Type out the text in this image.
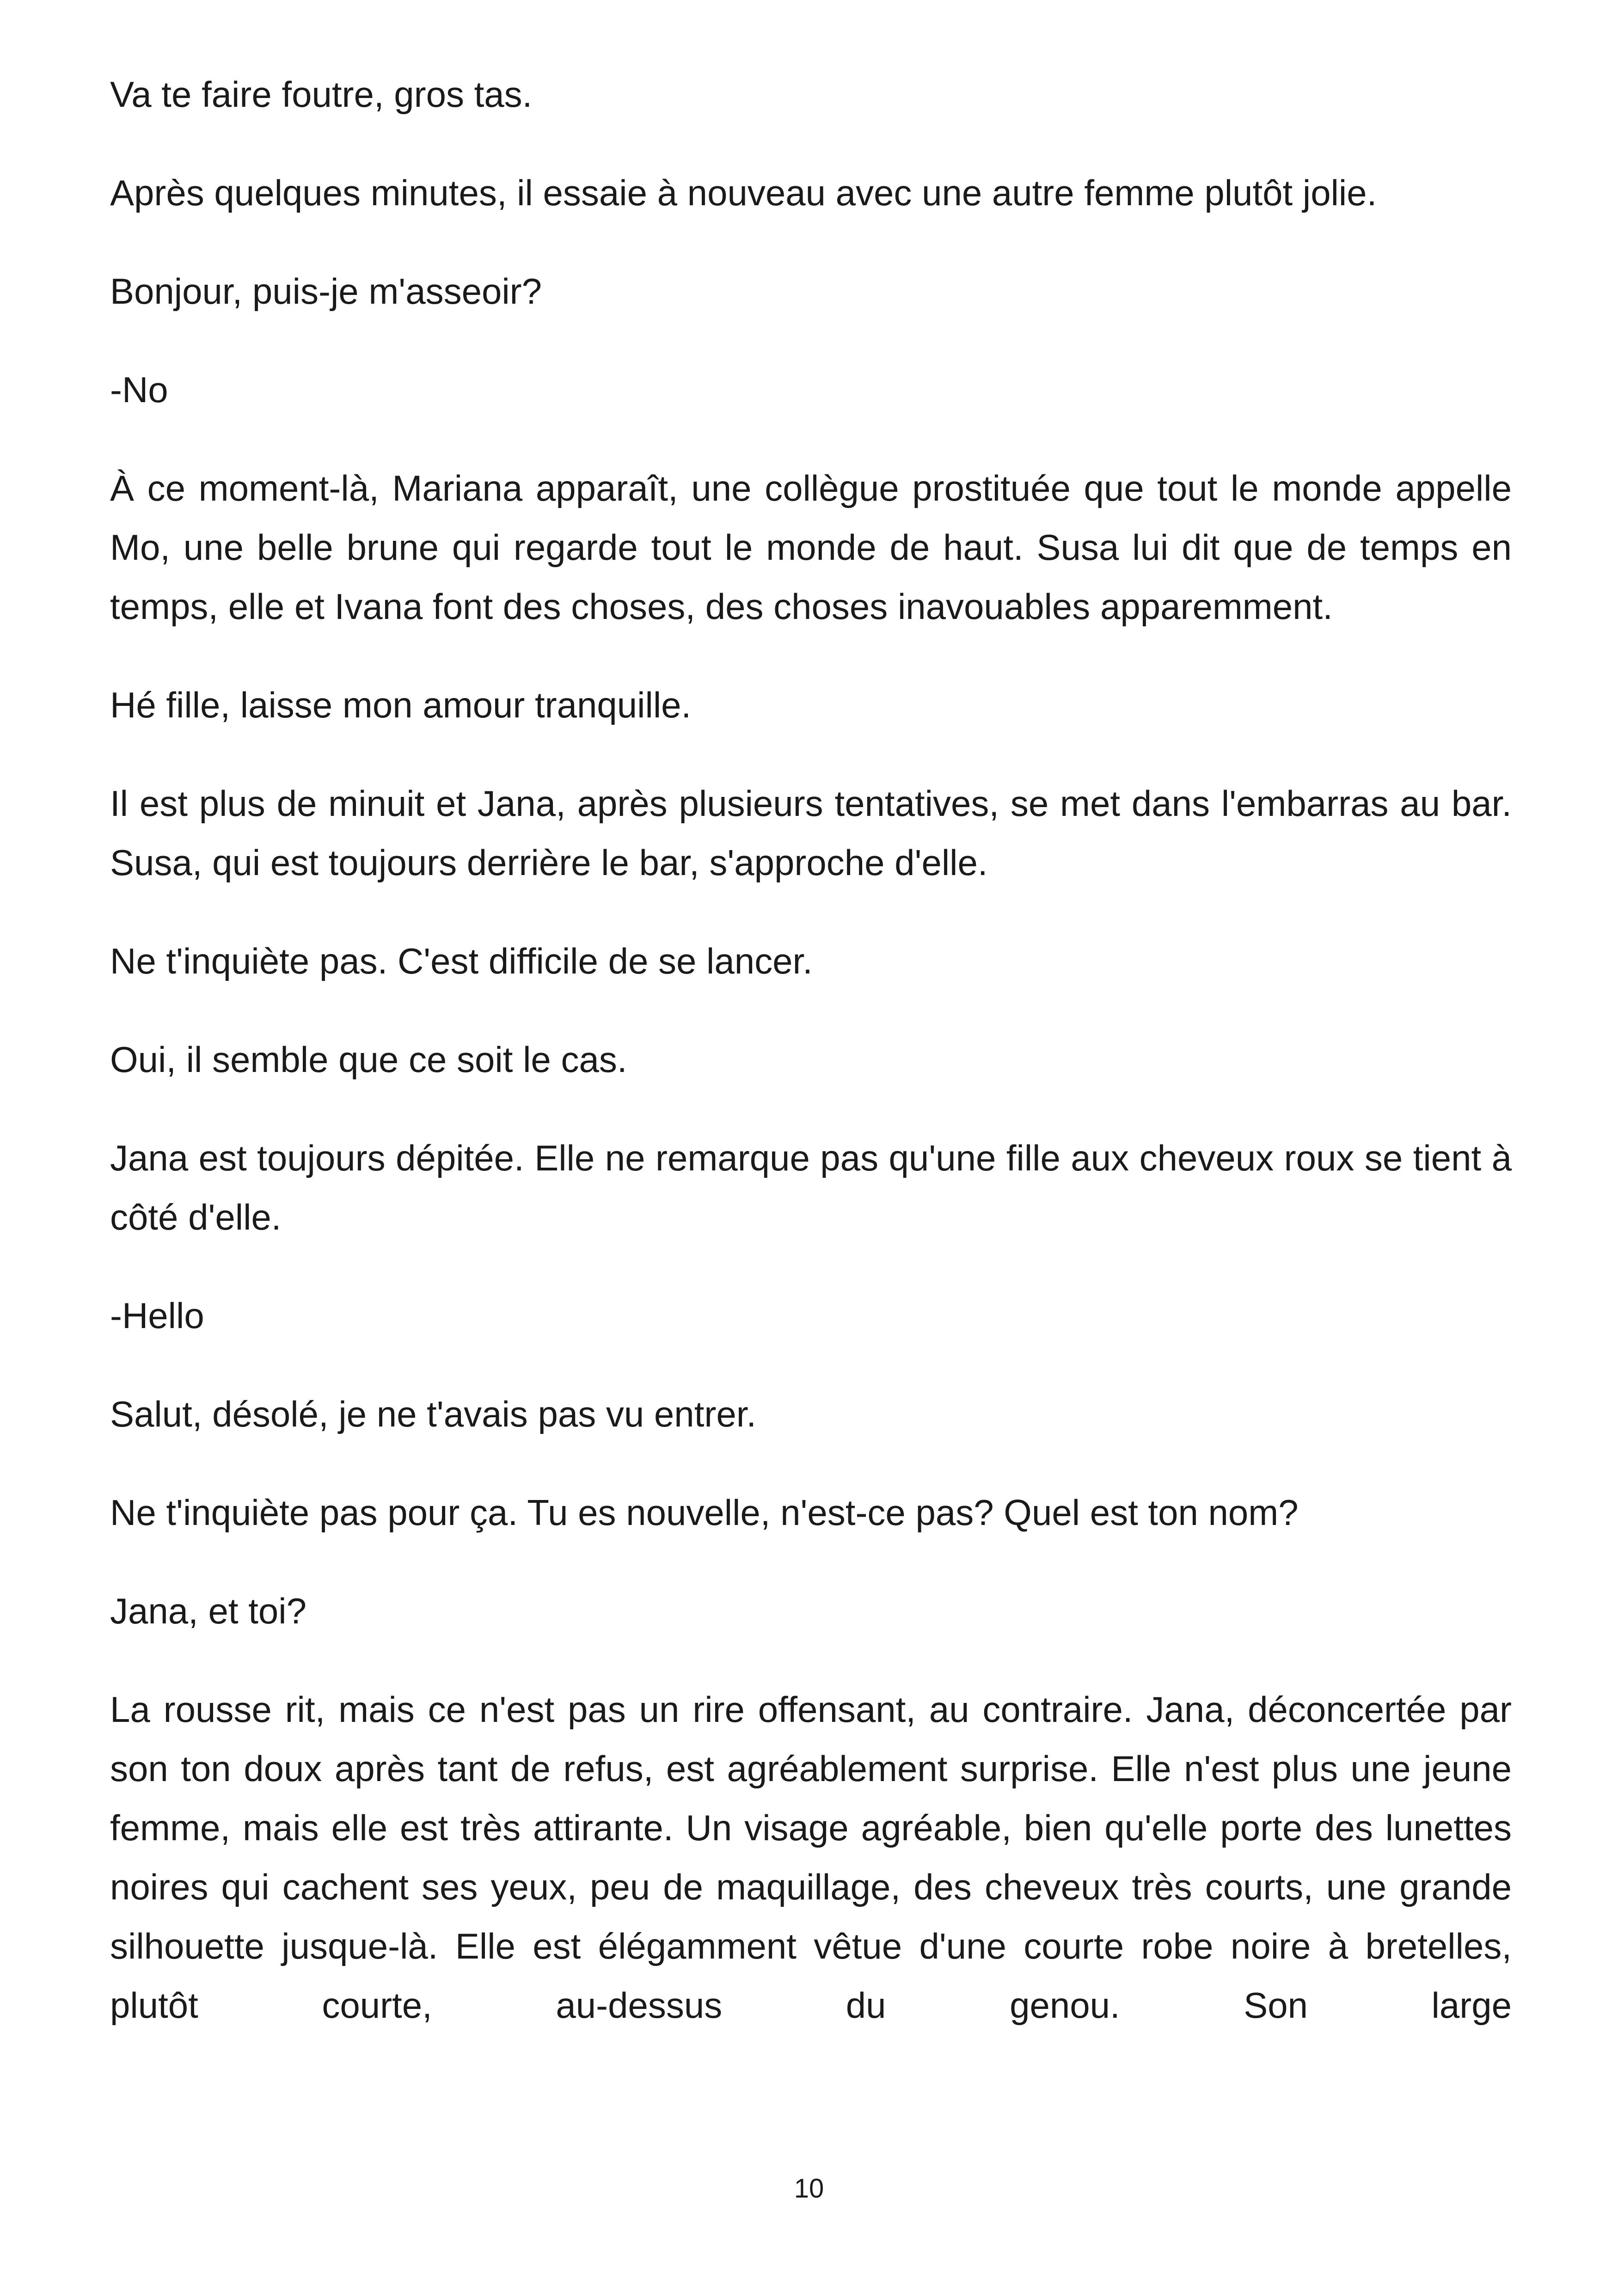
Va te faire foutre, gros tas.

Après quelques minutes, il essaie à nouveau avec une autre femme plutôt jolie.

Bonjour, puis-je m'asseoir?

-No

À ce moment-là, Mariana apparaît, une collègue prostituée que tout le monde appelle Mo, une belle brune qui regarde tout le monde de haut. Susa lui dit que de temps en temps, elle et Ivana font des choses, des choses inavouables apparemment.

Hé fille, laisse mon amour tranquille.

Il est plus de minuit et Jana, après plusieurs tentatives, se met dans l'embarras au bar. Susa, qui est toujours derrière le bar, s'approche d'elle.

Ne t'inquiète pas. C'est difficile de se lancer.

Oui, il semble que ce soit le cas.

Jana est toujours dépitée. Elle ne remarque pas qu'une fille aux cheveux roux se tient à côté d'elle.

-Hello

Salut, désolé, je ne t'avais pas vu entrer.

Ne t'inquiète pas pour ça. Tu es nouvelle, n'est-ce pas? Quel est ton nom?

Jana, et toi?

La rousse rit, mais ce n'est pas un rire offensant, au contraire. Jana, déconcertée par son ton doux après tant de refus, est agréablement surprise. Elle n'est plus une jeune femme, mais elle est très attirante. Un visage agréable, bien qu'elle porte des lunettes noires qui cachent ses yeux, peu de maquillage, des cheveux très courts, une grande silhouette jusque-là. Elle est élégamment vêtue d'une courte robe noire à bretelles, plutôt courte, au-dessus du genou. Son large

10
